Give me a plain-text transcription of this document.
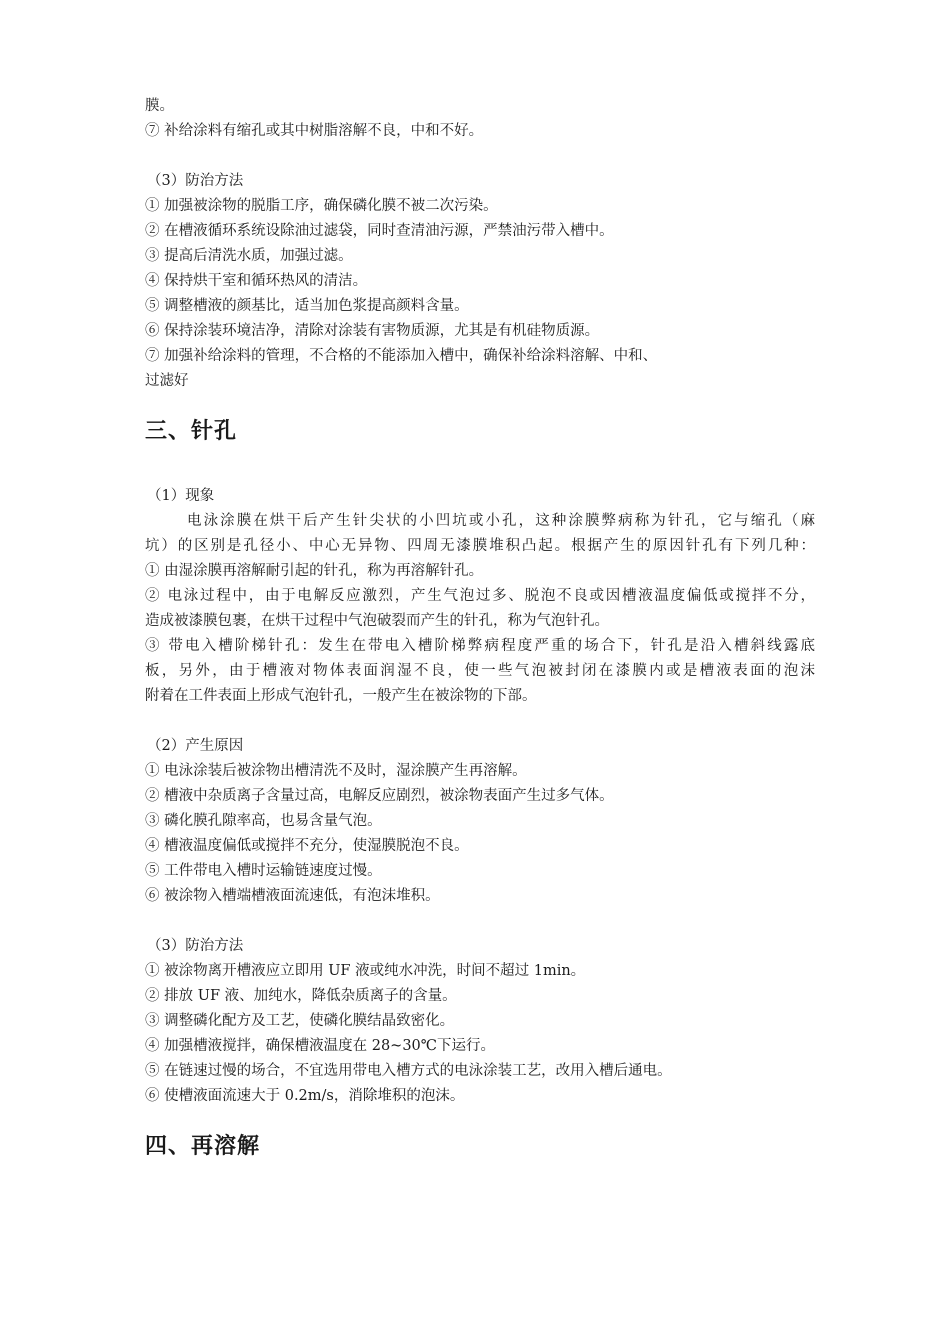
膜。
⑦ 补给涂料有缩孔或其中树脂溶解不良，中和不好。
（3）防治方法
① 加强被涂物的脱脂工序，确保磷化膜不被二次污染。
② 在槽液循环系统设除油过滤袋，同时查清油污源，严禁油污带入槽中。
③ 提高后清洗水质，加强过滤。
④ 保持烘干室和循环热风的清洁。
⑤ 调整槽液的颜基比，适当加色浆提高颜料含量。
⑥ 保持涂装环境洁净，清除对涂装有害物质源，尤其是有机硅物质源。
⑦ 加强补给涂料的管理，不合格的不能添加入槽中，确保补给涂料溶解、中和、
过滤好
三、针孔
（1）现象
电泳涂膜在烘干后产生针尖状的小凹坑或小孔，这种涂膜弊病称为针孔，它与缩孔（麻
坑）的区别是孔径小、中心无异物、四周无漆膜堆积凸起。根据产生的原因针孔有下列几种：
① 由湿涂膜再溶解耐引起的针孔，称为再溶解针孔。
② 电泳过程中，由于电解反应激烈，产生气泡过多、脱泡不良或因槽液温度偏低或搅拌不分，
造成被漆膜包裹，在烘干过程中气泡破裂而产生的针孔，称为气泡针孔。
③ 带电入槽阶梯针孔：发生在带电入槽阶梯弊病程度严重的场合下，针孔是沿入槽斜线露底
板，另外，由于槽液对物体表面润湿不良，使一些气泡被封闭在漆膜内或是槽液表面的泡沫
附着在工件表面上形成气泡针孔，一般产生在被涂物的下部。
（2）产生原因
① 电泳涂装后被涂物出槽清洗不及时，湿涂膜产生再溶解。
② 槽液中杂质离子含量过高，电解反应剧烈，被涂物表面产生过多气体。
③ 磷化膜孔隙率高，也易含量气泡。
④ 槽液温度偏低或搅拌不充分，使湿膜脱泡不良。
⑤ 工件带电入槽时运输链速度过慢。
⑥ 被涂物入槽端槽液面流速低，有泡沫堆积。
（3）防治方法
① 被涂物离开槽液应立即用 UF 液或纯水冲洗，时间不超过 1min。
② 排放 UF 液、加纯水，降低杂质离子的含量。
③ 调整磷化配方及工艺，使磷化膜结晶致密化。
④ 加强槽液搅拌，确保槽液温度在 28~30℃下运行。
⑤ 在链速过慢的场合，不宜选用带电入槽方式的电泳涂装工艺，改用入槽后通电。
⑥ 使槽液面流速大于 0.2m/s，消除堆积的泡沫。
四、再溶解
